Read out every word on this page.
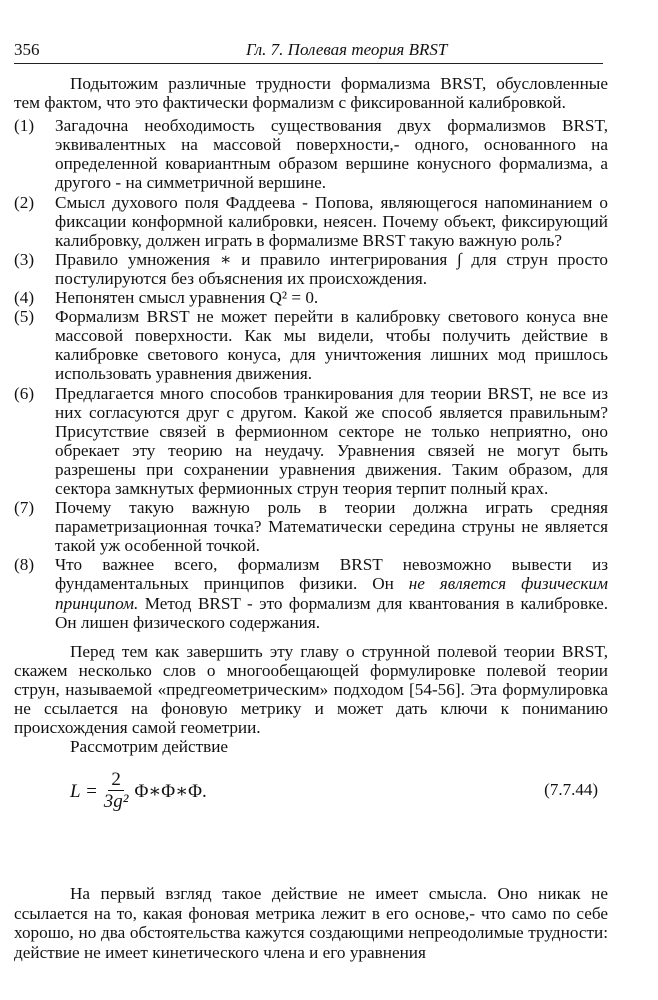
356	Гл. 7. Полевая теория BRST

Подытожим различные трудности формализма BRST, обусловленные тем фактом, что это фактически формализм с фиксированной калибровкой.

(1) Загадочна необходимость существования двух формализмов BRST, эквивалентных на массовой поверхности,- одного, основанного на определенной ковариантным образом вершине конусного формализма, а другого - на симметричной вершине.
(2) Смысл духового поля Фаддеева - Попова, являющегося напоминанием о фиксации конформной калибровки, неясен. Почему объект, фиксирующий калибровку, должен играть в формализме BRST такую важную роль?
(3) Правило умножения ∗ и правило интегрирования ∫ для струн просто постулируются без объяснения их происхождения.
(4) Непонятен смысл уравнения Q² = 0.
(5) Формализм BRST не может перейти в калибровку светового конуса вне массовой поверхности. Как мы видели, чтобы получить действие в калибровке светового конуса, для уничтожения лишних мод пришлось использовать уравнения движения.
(6) Предлагается много способов транкирования для теории BRST, не все из них согласуются друг с другом. Какой же способ является правильным? Присутствие связей в фермионном секторе не только неприятно, оно обрекает эту теорию на неудачу. Уравнения связей не могут быть разрешены при сохранении уравнения движения. Таким образом, для сектора замкнутых фермионных струн теория терпит полный крах.
(7) Почему такую важную роль в теории должна играть средняя параметризационная точка? Математически середина струны не является такой уж особенной точкой.
(8) Что важнее всего, формализм BRST невозможно вывести из фундаментальных принципов физики. Он не является физическим принципом. Метод BRST - это формализм для квантования в калибровке. Он лишен физического содержания.

Перед тем как завершить эту главу о струнной полевой теории BRST, скажем несколько слов о многообещающей формулировке полевой теории струн, называемой «предгеометрическим» подходом [54-56]. Эта формулировка не ссылается на фоновую метрику и может дать ключи к пониманию происхождения самой геометрии.

Рассмотрим действие

$L = \frac{2}{\text{3g²}}$ Φ∗Φ∗Φ.	(7.7.44)

На первый взгляд такое действие не имеет смысла. Оно никак не ссылается на то, какая фоновая метрика лежит в его основе,- что само по себе хорошо, но два обстоятельства кажутся создающими непреодолимые трудности: действие не имеет кинетического члена и его уравнения
